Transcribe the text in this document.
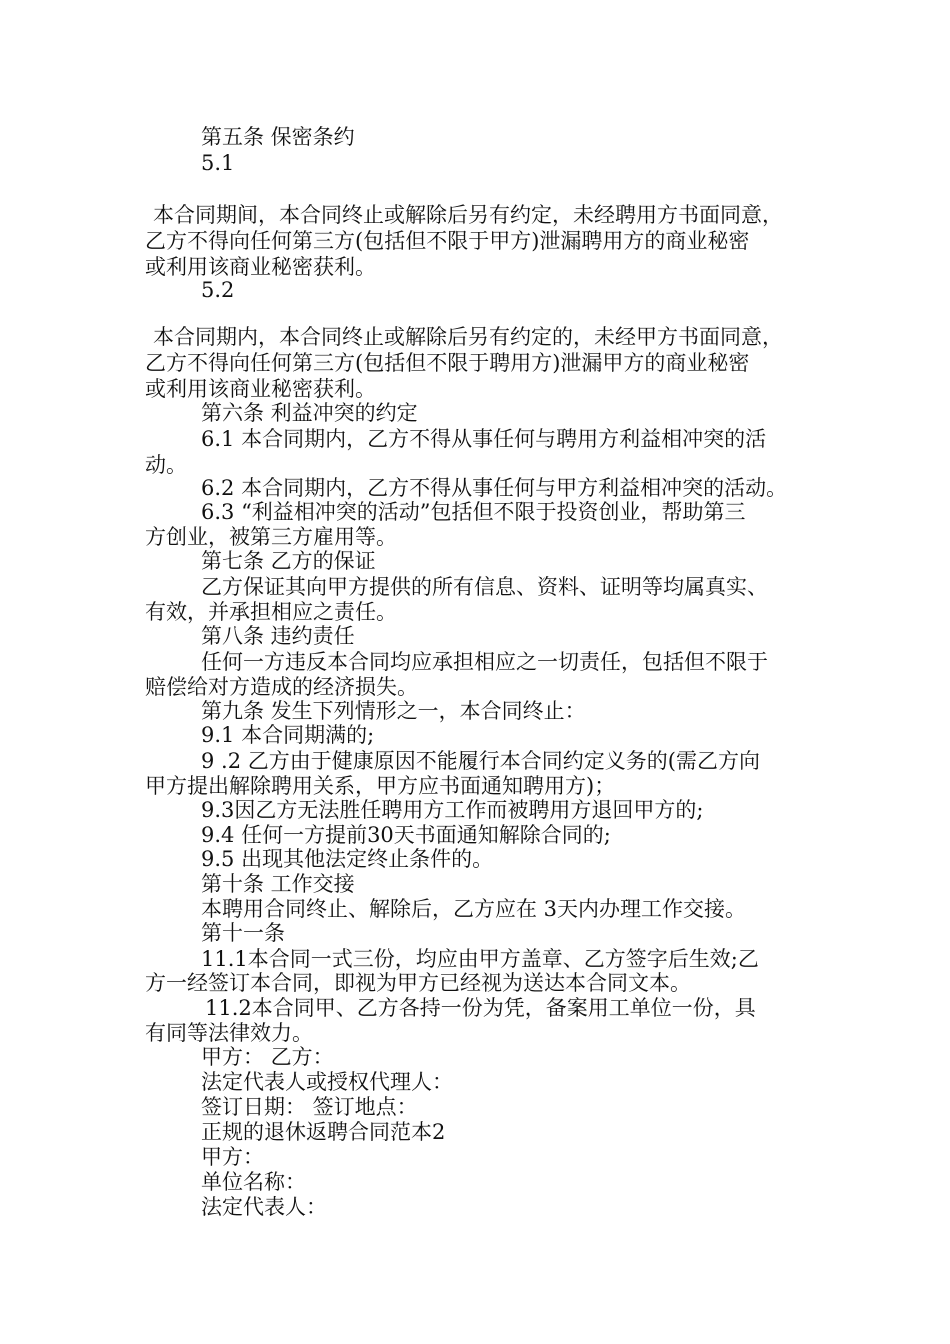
第五条 保密条约
5.1
本合同期间，本合同终止或解除后另有约定，未经聘用方书面同意，
乙方不得向任何第三方(包括但不限于甲方)泄漏聘用方的商业秘密
或利用该商业秘密获利。
5.2
本合同期内，本合同终止或解除后另有约定的，未经甲方书面同意，
乙方不得向任何第三方(包括但不限于聘用方)泄漏甲方的商业秘密
或利用该商业秘密获利。
第六条 利益冲突的约定
6.1 本合同期内，乙方不得从事任何与聘用方利益相冲突的活
动。
6.2 本合同期内，乙方不得从事任何与甲方利益相冲突的活动。
6.3 “利益相冲突的活动”包括但不限于投资创业，帮助第三
方创业，被第三方雇用等。
第七条 乙方的保证
乙方保证其向甲方提供的所有信息、资料、证明等均属真实、
有效，并承担相应之责任。
第八条 违约责任
任何一方违反本合同均应承担相应之一切责任，包括但不限于
赔偿给对方造成的经济损失。
第九条 发生下列情形之一，本合同终止：
9.1 本合同期满的;
9 .2 乙方由于健康原因不能履行本合同约定义务的(需乙方向
甲方提出解除聘用关系，甲方应书面通知聘用方)；
9.3因乙方无法胜任聘用方工作而被聘用方退回甲方的;
9.4 任何一方提前30天书面通知解除合同的;
9.5 出现其他法定终止条件的。
第十条 工作交接
本聘用合同终止、解除后，乙方应在 3天内办理工作交接。
第十一条
11.1本合同一式三份，均应由甲方盖章、乙方签字后生效;乙
方一经签订本合同，即视为甲方已经视为送达本合同文本。
11.2本合同甲、乙方各持一份为凭，备案用工单位一份，具
有同等法律效力。
甲方： 乙方：
法定代表人或授权代理人：
签订日期： 签订地点：
正规的退休返聘合同范本2
甲方：
单位名称：
法定代表人：
